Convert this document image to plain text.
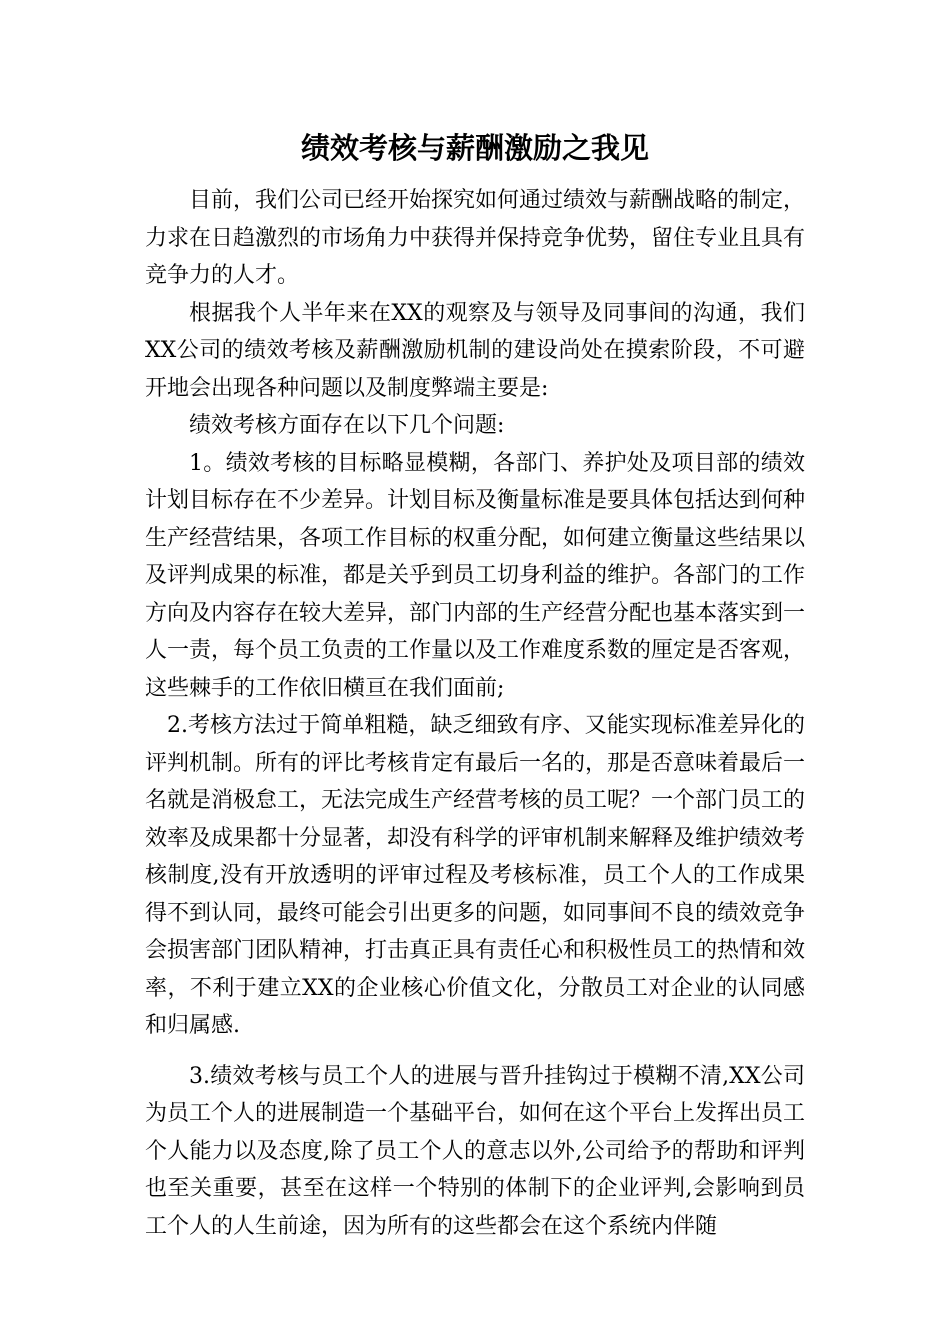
绩效考核与薪酬激励之我见

目前，我们公司已经开始探究如何通过绩效与薪酬战略的制定，力求在日趋激烈的市场角力中获得并保持竞争优势，留住专业且具有竞争力的人才。

根据我个人半年来在XX的观察及与领导及同事间的沟通，我们XX公司的绩效考核及薪酬激励机制的建设尚处在摸索阶段，不可避开地会出现各种问题以及制度弊端主要是:

绩效考核方面存在以下几个问题:

1。绩效考核的目标略显模糊，各部门、养护处及项目部的绩效计划目标存在不少差异。计划目标及衡量标准是要具体包括达到何种生产经营结果，各项工作目标的权重分配，如何建立衡量这些结果以及评判成果的标准，都是关乎到员工切身利益的维护。各部门的工作方向及内容存在较大差异，部门内部的生产经营分配也基本落实到一人一责，每个员工负责的工作量以及工作难度系数的厘定是否客观，这些棘手的工作依旧横亘在我们面前;

2.考核方法过于简单粗糙，缺乏细致有序、又能实现标准差异化的评判机制。所有的评比考核肯定有最后一名的，那是否意味着最后一名就是消极怠工，无法完成生产经营考核的员工呢？一个部门员工的效率及成果都十分显著，却没有科学的评审机制来解释及维护绩效考核制度,没有开放透明的评审过程及考核标准，员工个人的工作成果得不到认同，最终可能会引出更多的问题，如同事间不良的绩效竞争会损害部门团队精神，打击真正具有责任心和积极性员工的热情和效率，不利于建立XX的企业核心价值文化，分散员工对企业的认同感和归属感.

3.绩效考核与员工个人的进展与晋升挂钩过于模糊不清,XX公司为员工个人的进展制造一个基础平台，如何在这个平台上发挥出员工个人能力以及态度,除了员工个人的意志以外,公司给予的帮助和评判也至关重要，甚至在这样一个特别的体制下的企业评判,会影响到员工个人的人生前途，因为所有的这些都会在这个系统内伴随
